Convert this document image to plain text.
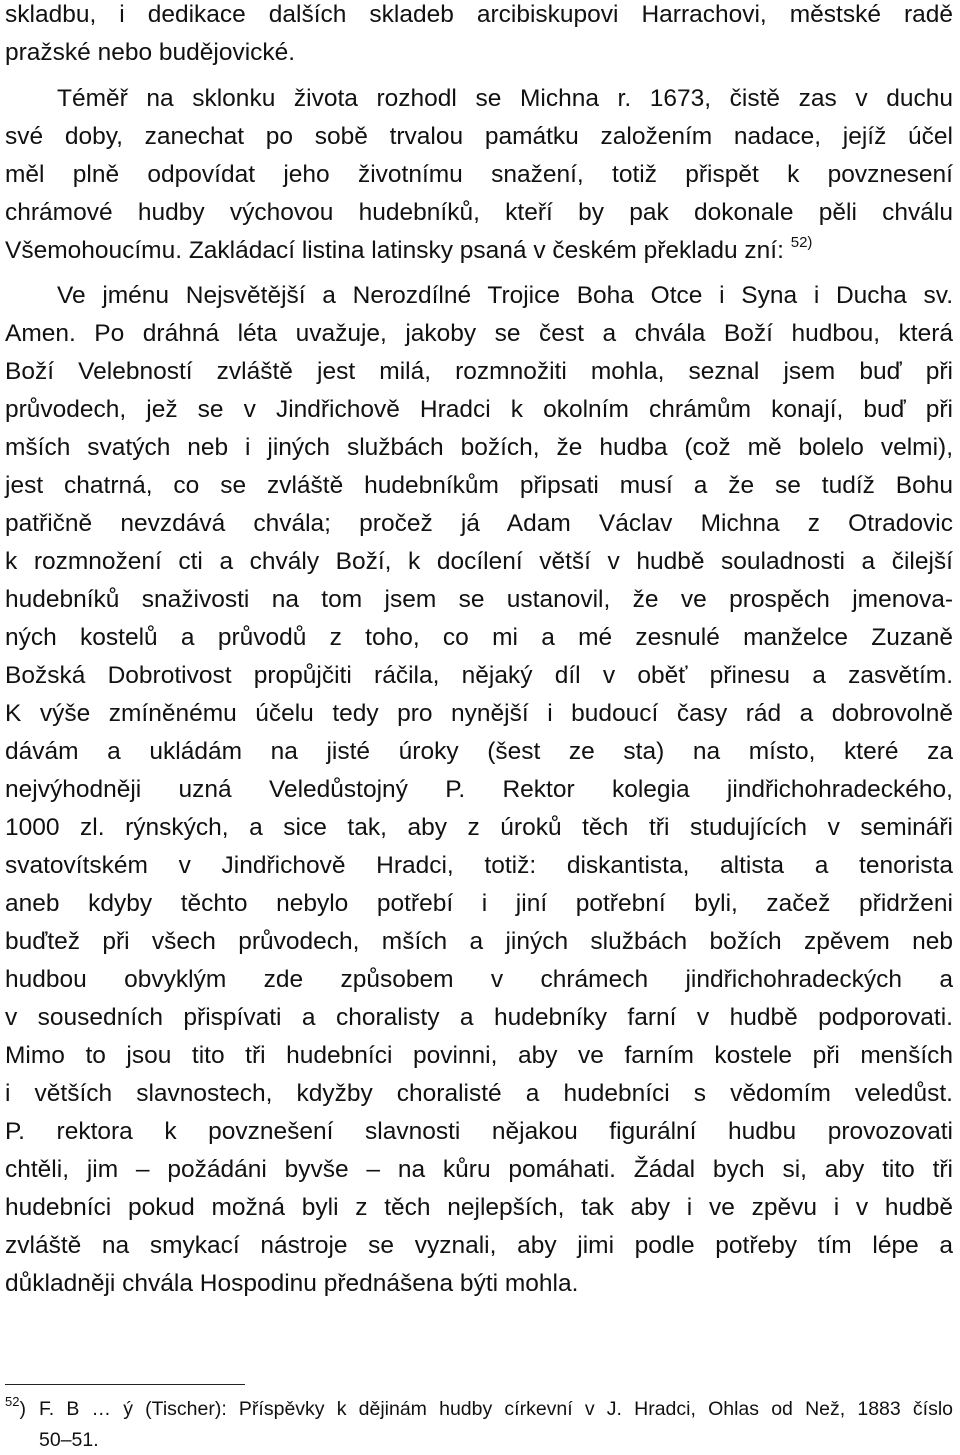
skladbu, i dedikace dalších skladeb arcibiskupovi Harrachovi, městské radě
pražské nebo budějovické.
Téměř na sklonku života rozhodl se Michna r. 1673, čistě zas v duchu
své doby, zanechat po sobě trvalou památku založením nadace, jejíž účel
měl plně odpovídat jeho životnímu snažení, totiž přispět k povznesení
chrámové hudby výchovou hudebníků, kteří by pak dokonale pěli chválu
Všemohoucímu. Zakládací listina latinsky psaná v českém překladu zní: $^{52)}$
Ve jménu Nejsvětější a Nerozdílné Trojice Boha Otce i Syna i Ducha sv.
Amen. Po dráhná léta uvažuje, jakoby se čest a chvála Boží hudbou, která
Boží Velebností zvláště jest milá, rozmnožiti mohla, seznal jsem buď při
průvodech, jež se v Jindřichově Hradci k okolním chrámům konají, buď při
mších svatých neb i jiných službách božích, že hudba (což mě bolelo velmi),
jest chatrná, co se zvláště hudebníkům připsati musí a že se tudíž Bohu
patřičně nevzdává chvála; pročež já Adam Václav Michna z Otradovic
k rozmnožení cti a chvály Boží, k docílení větší v hudbě souladnosti a čilejší
hudebníků snaživosti na tom jsem se ustanovil, že ve prospěch jmenova-
ných kostelů a průvodů z toho, co mi a mé zesnulé manželce Zuzaně
Božská Dobrotivost propůjčiti ráčila, nějaký díl v oběť přinesu a zasvětím.
K výše zmíněnému účelu tedy pro nynější i budoucí časy rád a dobrovolně
dávám a ukládám na jisté úroky (šest ze sta) na místo, které za
nejvýhodněji uzná Veledůstojný P. Rektor kolegia jindřichohradeckého,
1000 zl. rýnských, a sice tak, aby z úroků těch tři studujících v semináři
svatovítském v Jindřichově Hradci, totiž: diskantista, altista a tenorista
aneb kdyby těchto nebylo potřebí i jiní potřební byli, začež přidrženi
buďtež při všech průvodech, mších a jiných službách božích zpěvem neb
hudbou obvyklým zde způsobem v chrámech jindřichohradeckých a
v sousedních přispívati a choralisty a hudebníky farní v hudbě podporovati.
Mimo to jsou tito tři hudebníci povinni, aby ve farním kostele při menších
i větších slavnostech, kdyžby choralisté a hudebníci s vědomím veledůst.
P. rektora k povznešení slavnosti nějakou figurální hudbu provozovati
chtěli, jim – požádáni byvše – na kůru pomáhati. Žádal bych si, aby tito tři
hudebníci pokud možná byli z těch nejlepších, tak aby i ve zpěvu i v hudbě
zvláště na smykací nástroje se vyznali, aby jimi podle potřeby tím lépe a
důkladněji chvála Hospodinu přednášena býti mohla.
$^{52}$) F. B … ý (Tischer): Příspěvky k dějinám hudby církevní v J. Hradci, Ohlas od Než, 1883 číslo
50–51.
